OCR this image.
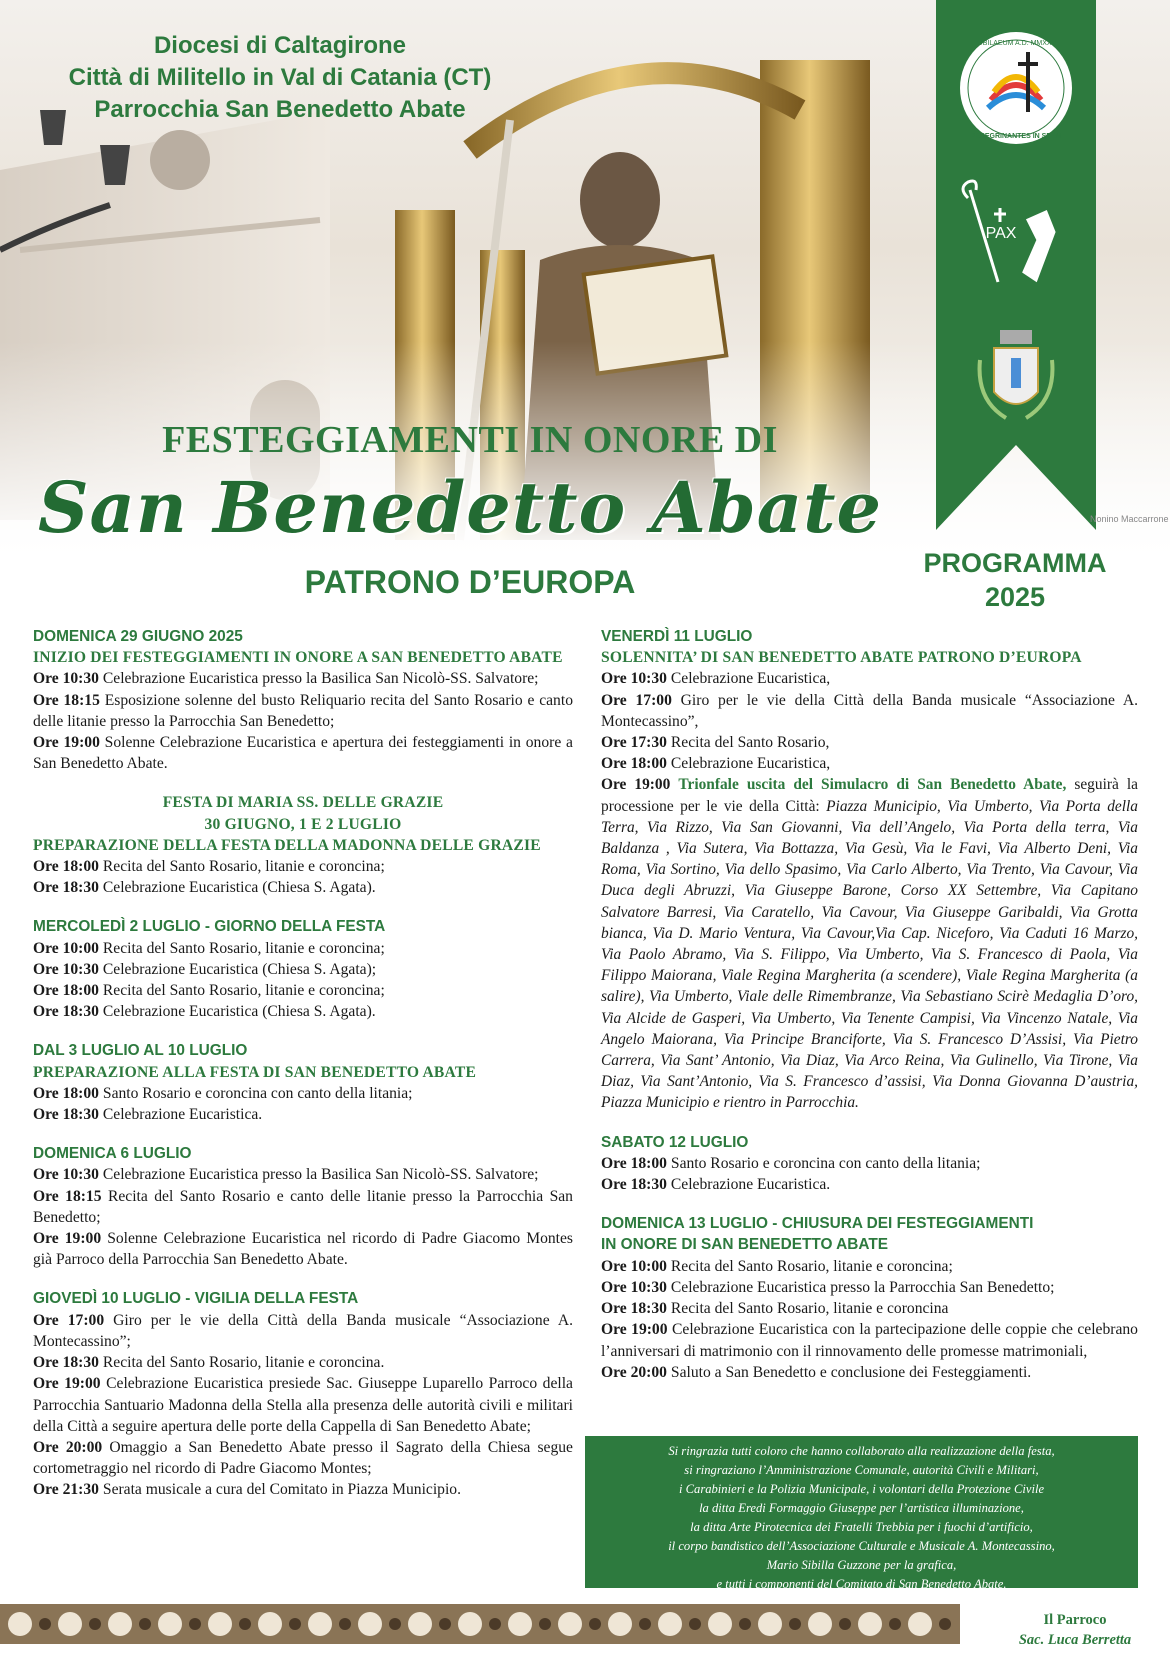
Diocesi di Caltagirone
Città di Militello in Val di Catania (CT)
Parrocchia San Benedetto Abate
FESTEGGIAMENTI IN ONORE DI
San Benedetto Abate
PATRONO D’EUROPA
IUBILAEUM A.D. MMXXV
PEREGRINANTES IN SPEM
PAX
Nonino Maccarrone
PROGRAMMA
2025
DOMENICA 29 GIUGNO 2025
INIZIO DEI FESTEGGIAMENTI IN ONORE A SAN BENEDETTO ABATE
Ore 10:30 Celebrazione Eucaristica presso la Basilica San Nicolò-SS. Salvatore;
Ore 18:15 Esposizione solenne del busto Reliquario recita del Santo Rosario e canto delle litanie presso la Parrocchia San Benedetto;
Ore 19:00 Solenne Celebrazione Eucaristica e apertura dei festeggiamenti in onore a San Benedetto Abate.
FESTA DI MARIA SS. DELLE GRAZIE
30 GIUGNO, 1 E 2 LUGLIO
PREPARAZIONE DELLA FESTA DELLA MADONNA DELLE GRAZIE
Ore 18:00 Recita del Santo Rosario, litanie e coroncina;
Ore 18:30 Celebrazione Eucaristica (Chiesa S. Agata).
MERCOLEDÌ 2 LUGLIO - GIORNO DELLA FESTA
Ore 10:00 Recita del Santo Rosario, litanie e coroncina;
Ore 10:30 Celebrazione Eucaristica (Chiesa S. Agata);
Ore 18:00 Recita del Santo Rosario, litanie e coroncina;
Ore 18:30 Celebrazione Eucaristica (Chiesa S. Agata).
DAL 3 LUGLIO AL 10 LUGLIO
PREPARAZIONE ALLA FESTA DI SAN BENEDETTO ABATE
Ore 18:00 Santo Rosario e coroncina con canto della litania;
Ore 18:30 Celebrazione Eucaristica.
DOMENICA 6 LUGLIO
Ore 10:30 Celebrazione Eucaristica presso la Basilica San Nicolò-SS. Salvatore;
Ore 18:15 Recita del Santo Rosario e canto delle litanie presso la Parrocchia San Benedetto;
Ore 19:00 Solenne Celebrazione Eucaristica nel ricordo di Padre Giacomo Montes già Parroco della Parrocchia San Benedetto Abate.
GIOVEDÌ 10 LUGLIO - VIGILIA DELLA FESTA
Ore 17:00 Giro per le vie della Città della Banda musicale “Associazione A. Montecassino”;
Ore 18:30 Recita del Santo Rosario, litanie e coroncina.
Ore 19:00 Celebrazione Eucaristica presiede Sac. Giuseppe Luparello Parroco della Parrocchia Santuario Madonna della Stella alla presenza delle autorità civili e militari della Città a seguire apertura delle porte della Cappella di San Benedetto Abate;
Ore 20:00 Omaggio a San Benedetto Abate presso il Sagrato della Chiesa segue cortometraggio nel ricordo di Padre Giacomo Montes;
Ore 21:30 Serata musicale a cura del Comitato in Piazza Municipio.
VENERDÌ 11 LUGLIO
SOLENNITA’ DI SAN BENEDETTO ABATE PATRONO D’EUROPA
Ore 10:30 Celebrazione Eucaristica,
Ore 17:00 Giro per le vie della Città della Banda musicale “Associazione A. Montecassino”,
Ore 17:30 Recita del Santo Rosario,
Ore 18:00 Celebrazione Eucaristica,
Ore 19:00 Trionfale uscita del Simulacro di San Benedetto Abate, seguirà la processione per le vie della Città: Piazza Municipio, Via Umberto, Via Porta della Terra, Via Rizzo, Via San Giovanni, Via dell’Angelo, Via Porta della terra, Via Baldanza , Via Sutera, Via Bottazza, Via Gesù, Via le Favi, Via Alberto Deni, Via Roma, Via Sortino, Via dello Spasimo, Via Carlo Alberto, Via Trento, Via Cavour, Via Duca degli Abruzzi, Via Giuseppe Barone, Corso XX Settembre, Via Capitano Salvatore Barresi, Via Caratello, Via Cavour, Via Giuseppe Garibaldi, Via Grotta bianca, Via D. Mario Ventura, Via Cavour,Via Cap. Niceforo, Via Caduti 16 Marzo, Via Paolo Abramo, Via S. Filippo, Via Umberto, Via S. Francesco di Paola, Via Filippo Maiorana, Viale Regina Margherita (a scendere), Viale Regina Margherita (a salire), Via Umberto, Viale delle Rimembranze, Via Sebastiano Scirè Medaglia D’oro, Via Alcide de Gasperi, Via Umberto, Via Tenente Campisi, Via Vincenzo Natale, Via Angelo Maiorana, Via Principe Branciforte, Via S. Francesco D’Assisi, Via Pietro Carrera, Via Sant’ Antonio, Via Diaz, Via Arco Reina, Via Gulinello, Via Tirone, Via Diaz, Via Sant’Antonio, Via S. Francesco d’assisi, Via Donna Giovanna D’austria, Piazza Municipio e rientro in Parrocchia.
SABATO 12 LUGLIO
Ore 18:00 Santo Rosario e coroncina con canto della litania;
Ore 18:30 Celebrazione Eucaristica.
DOMENICA 13 LUGLIO - CHIUSURA DEI FESTEGGIAMENTI
IN ONORE DI SAN BENEDETTO ABATE
Ore 10:00 Recita del Santo Rosario, litanie e coroncina;
Ore 10:30 Celebrazione Eucaristica presso la Parrocchia San Benedetto;
Ore 18:30 Recita del Santo Rosario, litanie e coroncina
Ore 19:00 Celebrazione Eucaristica con la partecipazione delle coppie che celebrano l’anniversari di matrimonio con il rinnovamento delle promesse matrimoniali,
Ore 20:00 Saluto a San Benedetto e conclusione dei Festeggiamenti.
Si ringrazia tutti coloro che hanno collaborato alla realizzazione della festa,
si ringraziano l’Amministrazione Comunale, autorità Civili e Militari,
i Carabinieri e la Polizia Municipale, i volontari della Protezione Civile
la ditta Eredi Formaggio Giuseppe per l’artistica illuminazione,
la ditta Arte Pirotecnica dei Fratelli Trebbia per i fuochi d’artificio,
il corpo bandistico dell’Associazione Culturale e Musicale A. Montecassino,
Mario Sibilla Guzzone per la grafica,
e tutti i componenti del Comitato di San Benedetto Abate.
Il Parroco
Sac. Luca Berretta
